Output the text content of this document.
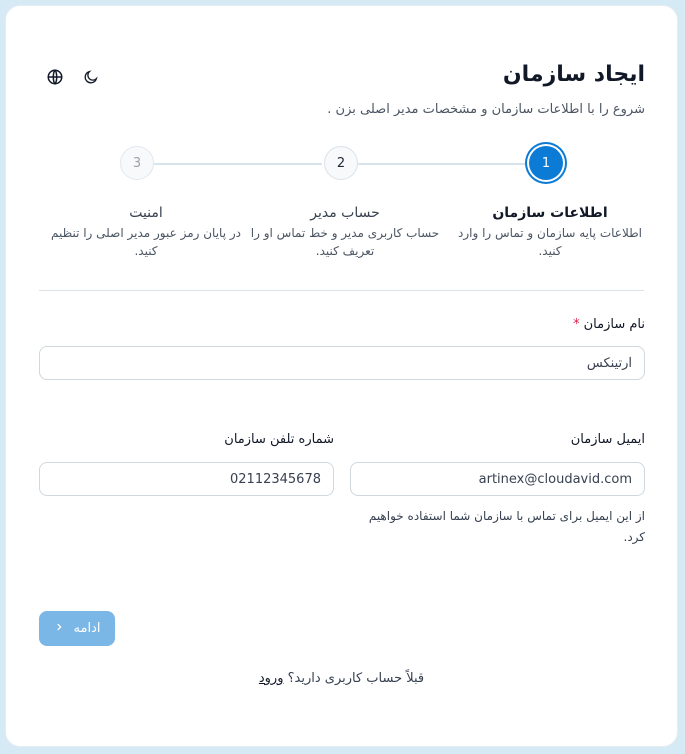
ایجاد سازمان
شروع را با اطلاعات سازمان و مشخصات مدیر اصلی بزن .
3	2	1
اطلاعات سازمان
اطلاعات پایه سازمان و تماس را وارد کنید.
حساب مدیر
حساب کاربری مدیر و خط تماس او را تعریف کنید.
امنیت
در پایان رمز عبور مدیر اصلی را تنظیم کنید.
نام سازمان*
آرتینکس
ایمیل سازمان
artinex@cloudavid.com
شماره تلفن سازمان
02112345678
از این ایمیل برای تماس با سازمان شما استفاده خواهیم کرد.
ادامه
قبلاً حساب کاربری دارید؟ ورود
